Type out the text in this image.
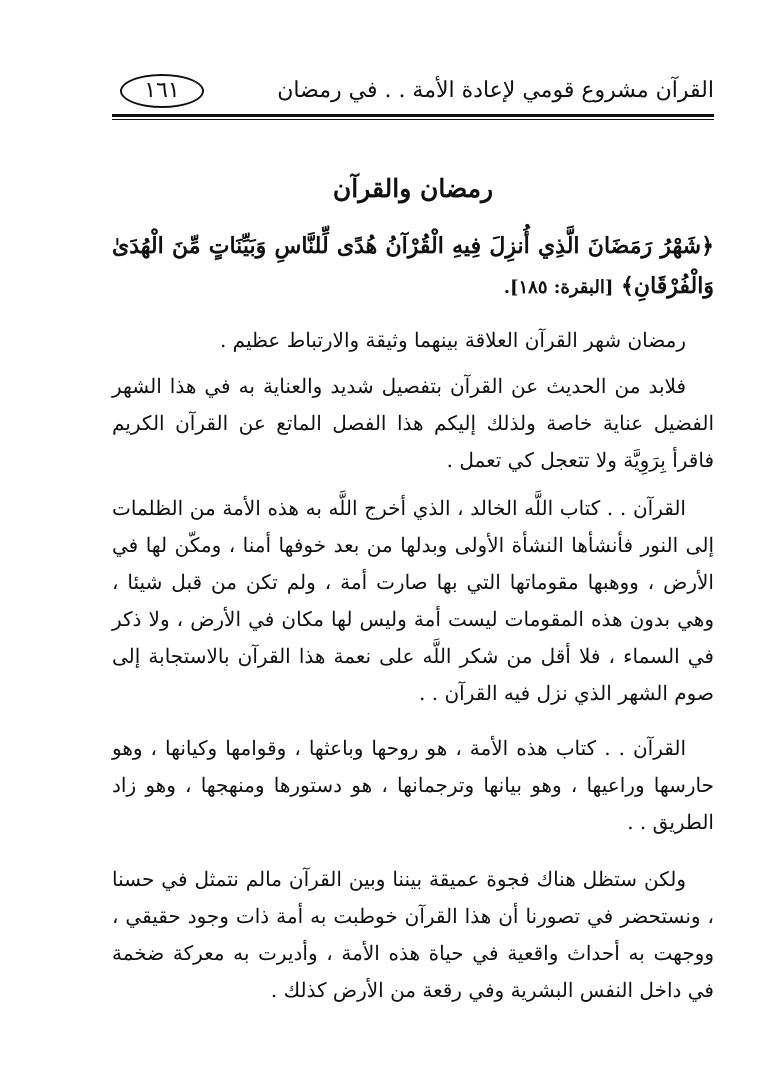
القرآن مشروع قومي لإعادة الأمة . . في رمضان
١٦١
رمضان والقرآن
﴿شَهْرُ رَمَضَانَ الَّذِي أُنزِلَ فِيهِ الْقُرْآنُ هُدًى لِّلنَّاسِ وَبَيِّنَاتٍ مِّنَ الْهُدَىٰ وَالْفُرْقَانِ﴾ [البقرة: ١٨٥].
رمضان شهر القرآن العلاقة بينهما وثيقة والارتباط عظيم .
فلابد من الحديث عن القرآن بتفصيل شديد والعناية به في هذا الشهر الفضيل عناية خاصة ولذلك إليكم هذا الفصل الماتع عن القرآن الكريم فاقرأ بِرَوِيَّة ولا تتعجل كي تعمل .
القرآن . . كتاب اللَّه الخالد ، الذي أخرج اللَّه به هذه الأمة من الظلمات إلى النور فأنشأها النشأة الأولى وبدلها من بعد خوفها أمنا ، ومكّن لها في الأرض ، ووهبها مقوماتها التي بها صارت أمة ، ولم تكن من قبل شيئا ، وهي بدون هذه المقومات ليست أمة وليس لها مكان في الأرض ، ولا ذكر في السماء ، فلا أقل من شكر اللَّه على نعمة هذا القرآن بالاستجابة إلى صوم الشهر الذي نزل فيه القرآن . .
القرآن . . كتاب هذه الأمة ، هو روحها وباعثها ، وقوامها وكيانها ، وهو حارسها وراعيها ، وهو بيانها وترجمانها ، هو دستورها ومنهجها ، وهو زاد الطريق . .
ولكن ستظل هناك فجوة عميقة بيننا وبين القرآن مالم نتمثل في حسنا ، ونستحضر في تصورنا أن هذا القرآن خوطبت به أمة ذات وجود حقيقي ، ووجهت به أحداث واقعية في حياة هذه الأمة ، وأديرت به معركة ضخمة في داخل النفس البشرية وفي رقعة من الأرض كذلك .
